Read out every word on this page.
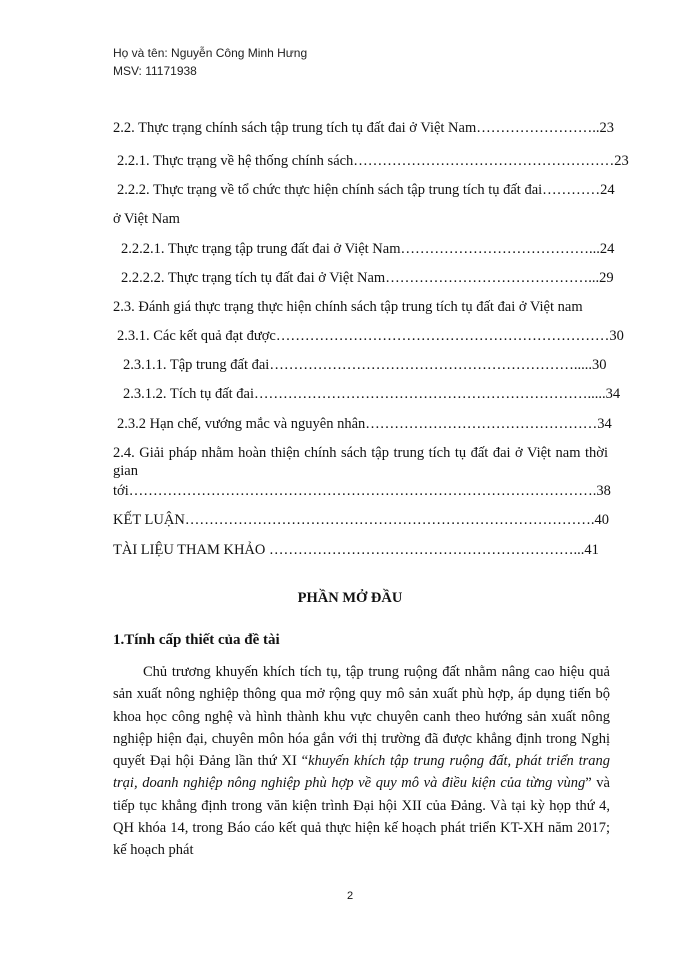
Họ và tên: Nguyễn Công Minh Hưng
MSV: 11171938
2.2. Thực trạng chính sách tập trung tích tụ đất đai ở Việt Nam……………………..23
2.2.1. Thực trạng về hệ thống chính sách………………………………………………23
2.2.2. Thực trạng về tổ chức thực hiện chính sách tập trung tích tụ đất đai…………24
ở Việt Nam
2.2.2.1. Thực trạng tập trung đất đai ở Việt Nam…………………………………...24
2.2.2.2. Thực trạng tích tụ đất đai ở Việt Nam……………………………………...29
2.3. Đánh giá thực trạng thực hiện chính sách tập trung tích tụ đất đai ở Việt nam
2.3.1. Các kết quả đạt được……………………………………………………………30
2.3.1.1. Tập trung đất đai……………………………………………………….....30
2.3.1.2. Tích tụ đất đai…………………………………………………………….....34
2.3.2 Hạn chế, vướng mắc và nguyên nhân…………………………………………34
2.4. Giải pháp nhằm hoàn thiện chính sách tập trung tích tụ đất đai ở Việt nam thời gian
tới…………………………………………………………………………………….38
KẾT LUẬN………………………………………………………………………….40
TÀI LIỆU THAM KHẢO ………………………………………………………...41
PHẦN MỞ ĐẦU
1.Tính cấp thiết của đề tài
Chủ trương khuyến khích tích tụ, tập trung ruộng đất nhằm nâng cao hiệu quả sản xuất nông nghiệp thông qua mở rộng quy mô sản xuất phù hợp, áp dụng tiến bộ khoa học công nghệ và hình thành khu vực chuyên canh theo hướng sản xuất nông nghiệp hiện đại, chuyên môn hóa gắn với thị trường đã được khẳng định trong Nghị quyết Đại hội Đảng lần thứ XI “khuyến khích tập trung ruộng đất, phát triển trang trại, doanh nghiệp nông nghiệp phù hợp về quy mô và điều kiện của từng vùng” và tiếp tục khẳng định trong văn kiện trình Đại hội XII của Đảng. Và tại kỳ họp thứ 4, QH khóa 14, trong Báo cáo kết quả thực hiện kế hoạch phát triển KT-XH năm 2017; kế hoạch phát
2
